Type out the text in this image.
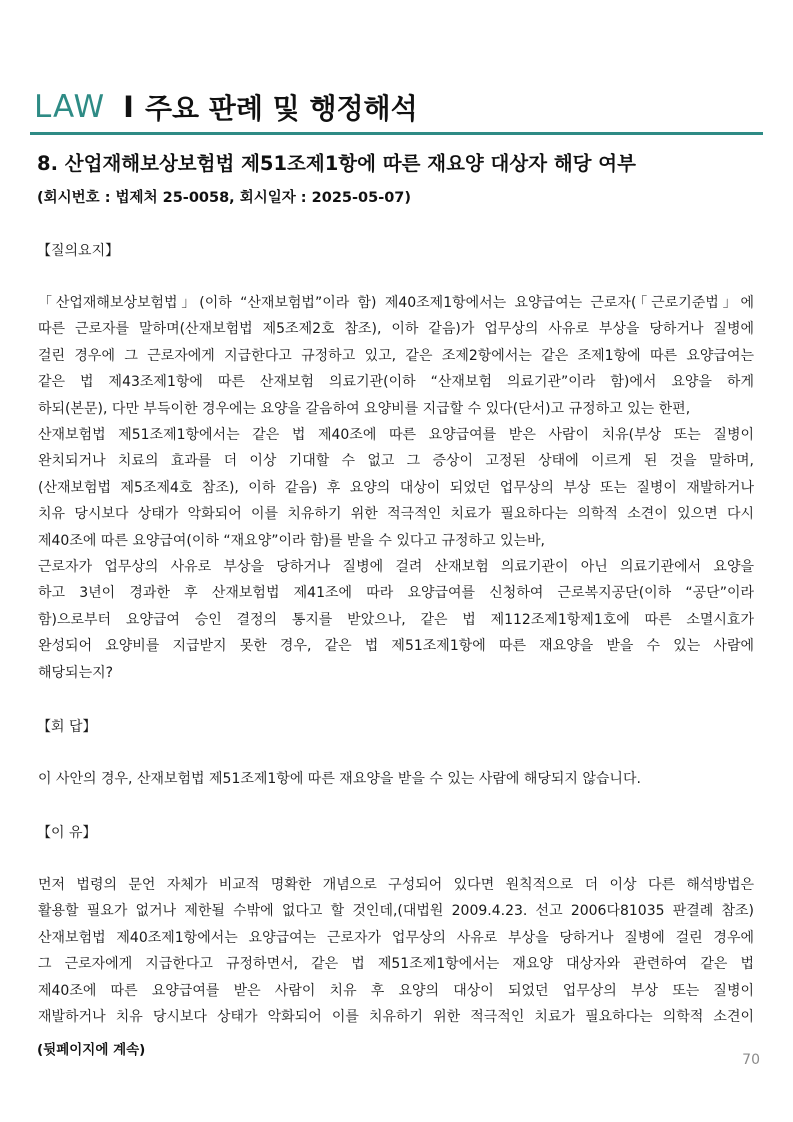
LAW I 주요 판례 및 행정해석
8. 산업재해보상보험법 제51조제1항에 따른 재요양 대상자 해당 여부
(회시번호 : 법제처 25-0058, 회시일자 : 2025-05-07)
【질의요지】
「산업재해보상보험법」(이하 “산재보험법”이라 함) 제40조제1항에서는 요양급여는 근로자(「근로기준법」에
따른 근로자를 말하며(산재보험법 제5조제2호 참조), 이하 같음)가 업무상의 사유로 부상을 당하거나 질병에
걸린 경우에 그 근로자에게 지급한다고 규정하고 있고, 같은 조제2항에서는 같은 조제1항에 따른 요양급여는
같은 법 제43조제1항에 따른 산재보험 의료기관(이하 “산재보험 의료기관”이라 함)에서 요양을 하게
하되(본문), 다만 부득이한 경우에는 요양을 갈음하여 요양비를 지급할 수 있다(단서)고 규정하고 있는 한편,
산재보험법 제51조제1항에서는 같은 법 제40조에 따른 요양급여를 받은 사람이 치유(부상 또는 질병이
완치되거나 치료의 효과를 더 이상 기대할 수 없고 그 증상이 고정된 상태에 이르게 된 것을 말하며,
(산재보험법 제5조제4호 참조), 이하 같음) 후 요양의 대상이 되었던 업무상의 부상 또는 질병이 재발하거나
치유 당시보다 상태가 악화되어 이를 치유하기 위한 적극적인 치료가 필요하다는 의학적 소견이 있으면 다시
제40조에 따른 요양급여(이하 “재요양”이라 함)를 받을 수 있다고 규정하고 있는바,
근로자가 업무상의 사유로 부상을 당하거나 질병에 걸려 산재보험 의료기관이 아닌 의료기관에서 요양을
하고 3년이 경과한 후 산재보험법 제41조에 따라 요양급여를 신청하여 근로복지공단(이하 “공단”이라
함)으로부터 요양급여 승인 결정의 통지를 받았으나, 같은 법 제112조제1항제1호에 따른 소멸시효가
완성되어 요양비를 지급받지 못한 경우, 같은 법 제51조제1항에 따른 재요양을 받을 수 있는 사람에
해당되는지?
【회 답】
이 사안의 경우, 산재보험법 제51조제1항에 따른 재요양을 받을 수 있는 사람에 해당되지 않습니다.
【이 유】
먼저 법령의 문언 자체가 비교적 명확한 개념으로 구성되어 있다면 원칙적으로 더 이상 다른 해석방법은
활용할 필요가 없거나 제한될 수밖에 없다고 할 것인데,(대법원 2009.4.23. 선고 2006다81035 판결례 참조)
산재보험법 제40조제1항에서는 요양급여는 근로자가 업무상의 사유로 부상을 당하거나 질병에 걸린 경우에
그 근로자에게 지급한다고 규정하면서, 같은 법 제51조제1항에서는 재요양 대상자와 관련하여 같은 법
제40조에 따른 요양급여를 받은 사람이 치유 후 요양의 대상이 되었던 업무상의 부상 또는 질병이
재발하거나 치유 당시보다 상태가 악화되어 이를 치유하기 위한 적극적인 치료가 필요하다는 의학적 소견이
(뒷페이지에 계속)
70
